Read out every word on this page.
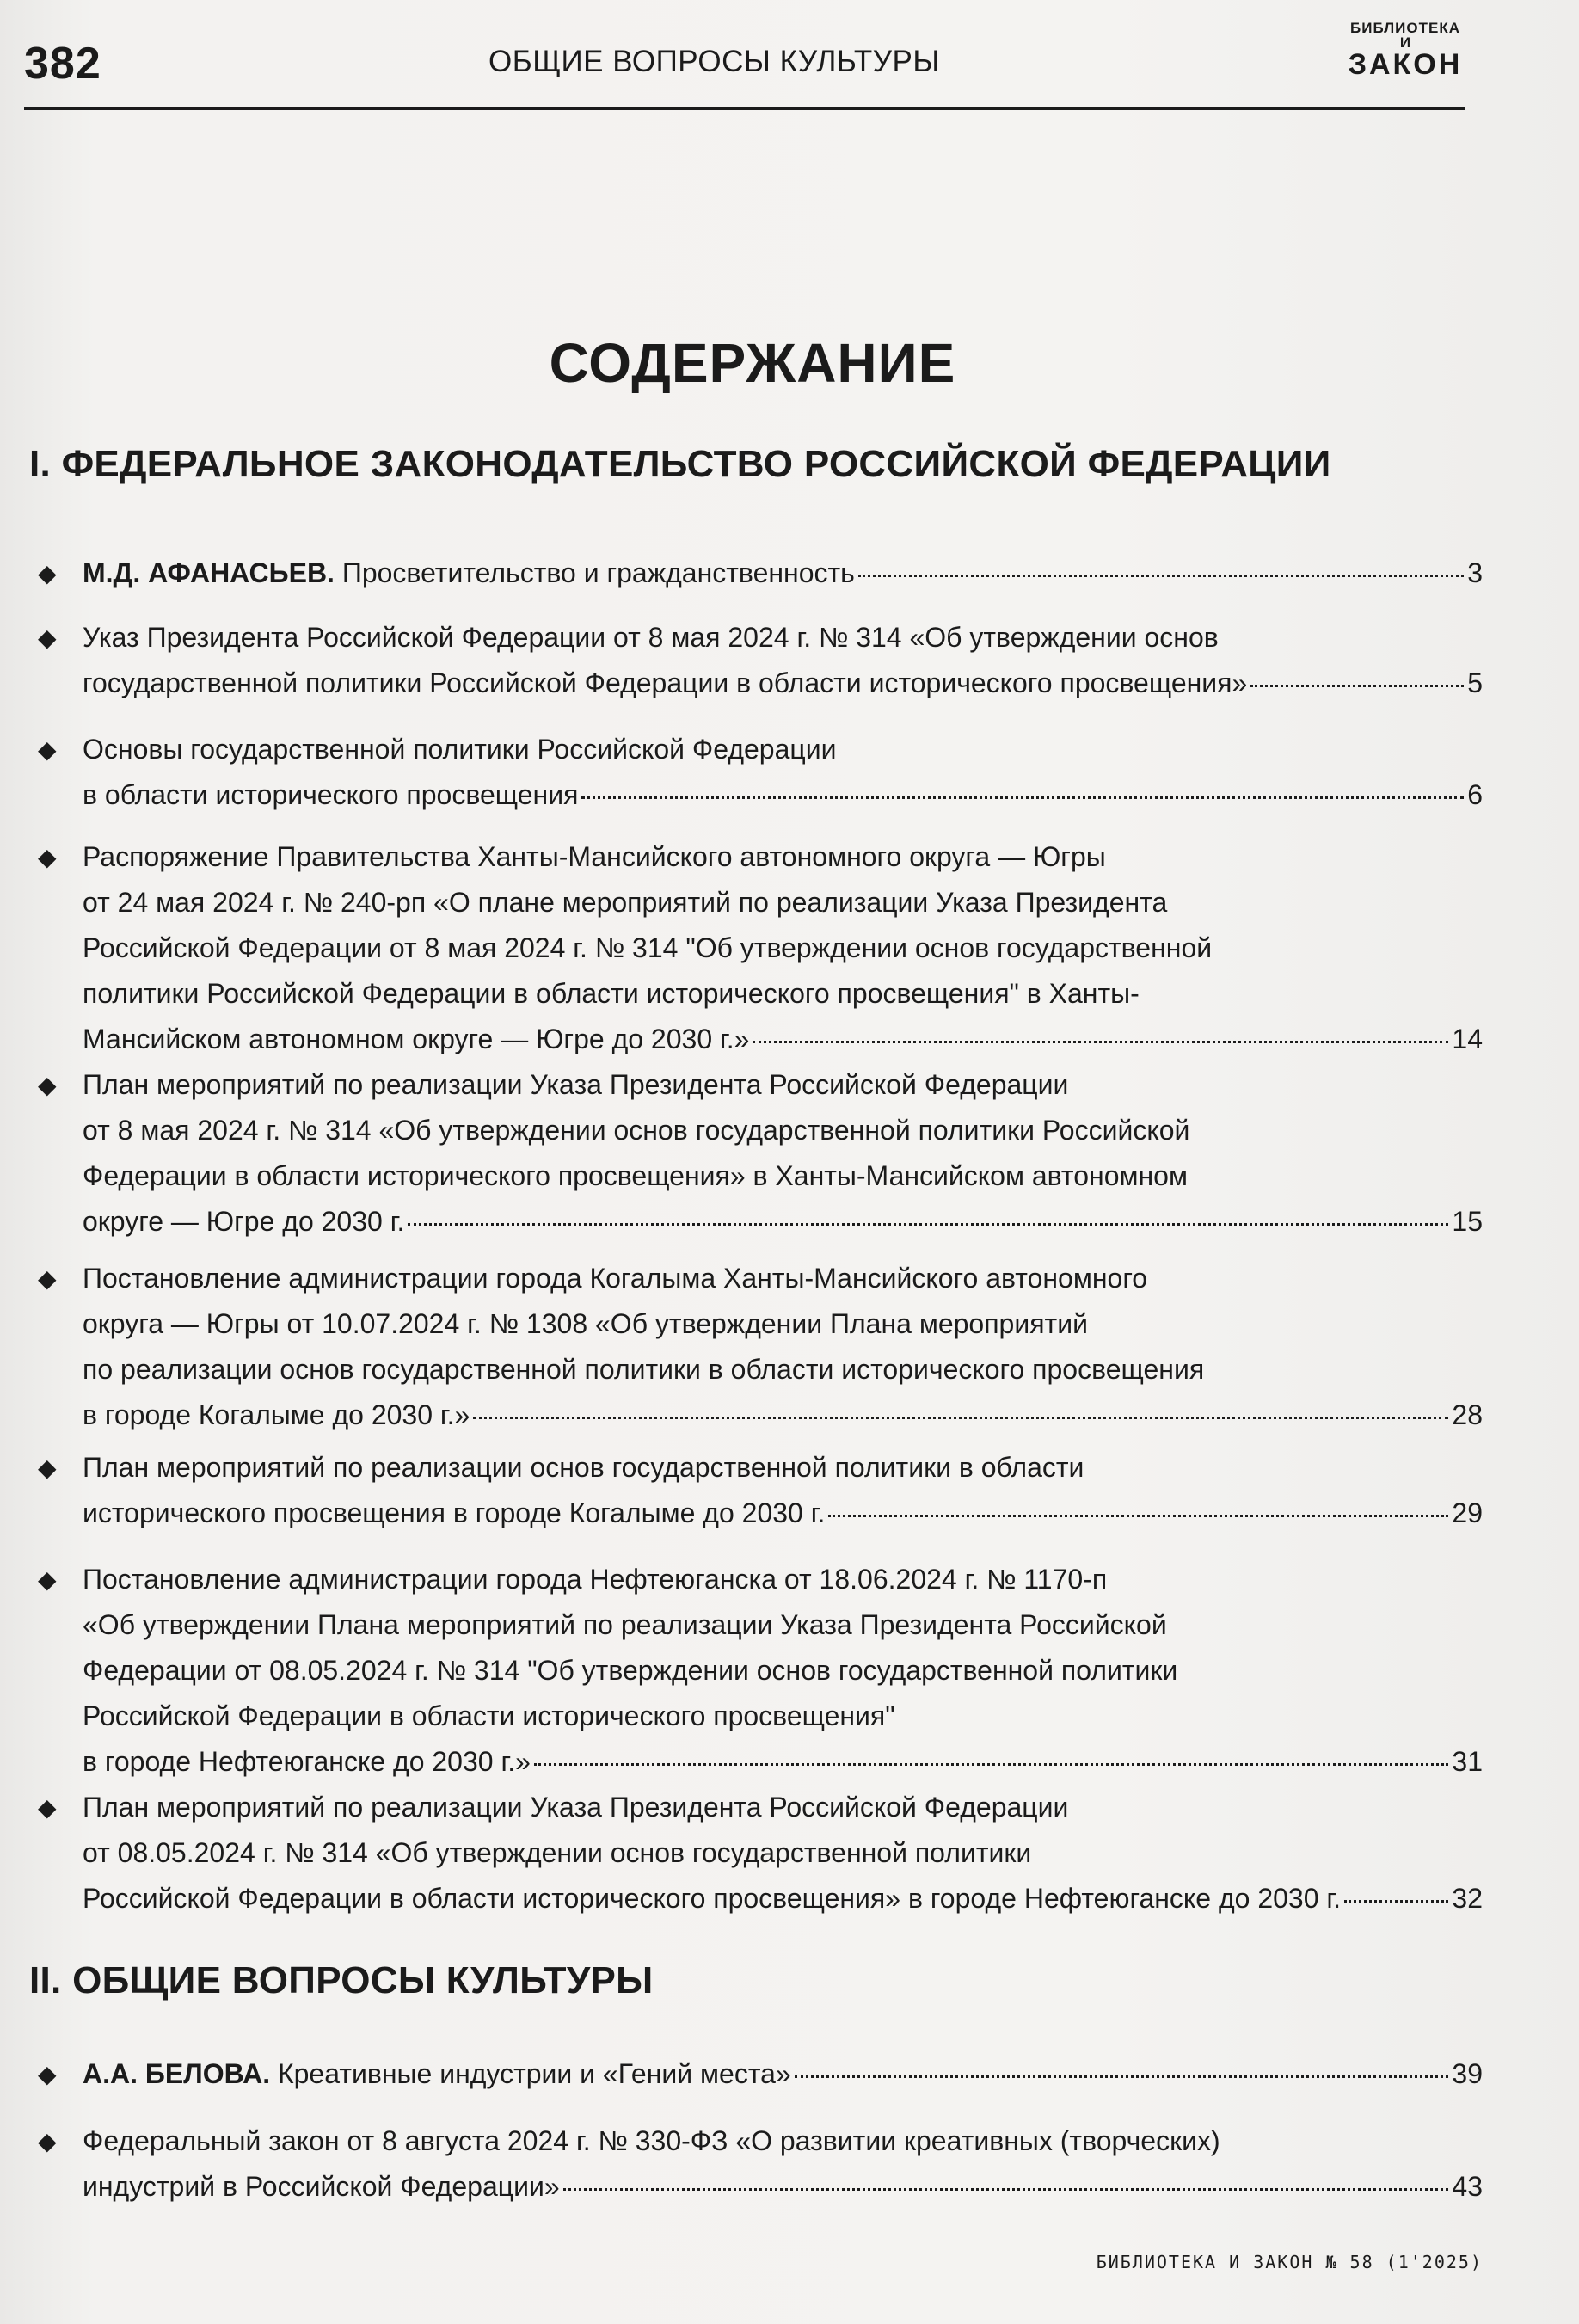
382	ОБЩИЕ ВОПРОСЫ КУЛЬТУРЫ
БИБЛИОТЕКА
И
ЗАКОН
СОДЕРЖАНИЕ
I. ФЕДЕРАЛЬНОЕ ЗАКОНОДАТЕЛЬСТВО РОССИЙСКОЙ ФЕДЕРАЦИИ
◆ М.Д. АФАНАСЬЕВ. Просветительство и гражданственность	3
◆ Указ Президента Российской Федерации от 8 мая 2024 г. № 314 «Об утверждении основ
государственной политики Российской Федерации в области исторического просвещения»	5
◆ Основы государственной политики Российской Федерации
в области исторического просвещения	6
◆ Распоряжение Правительства Ханты-Мансийского автономного округа — Югры
от 24 мая 2024 г. № 240-рп «О плане мероприятий по реализации Указа Президента
Российской Федерации от 8 мая 2024 г. № 314 "Об утверждении основ государственной
политики Российской Федерации в области исторического просвещения" в Ханты-
Мансийском автономном округе — Югре до 2030 г.»	14
◆ План мероприятий по реализации Указа Президента Российской Федерации
от 8 мая 2024 г. № 314 «Об утверждении основ государственной политики Российской
Федерации в области исторического просвещения» в Ханты-Мансийском автономном
округе — Югре до 2030 г.	15
◆ Постановление администрации города Когалыма Ханты-Мансийского автономного
округа — Югры от 10.07.2024 г. № 1308 «Об утверждении Плана мероприятий
по реализации основ государственной политики в области исторического просвещения
в городе Когалыме до 2030 г.»	28
◆ План мероприятий по реализации основ государственной политики в области
исторического просвещения в городе Когалыме до 2030 г.	29
◆ Постановление администрации города Нефтеюганска от 18.06.2024 г. № 1170-п
«Об утверждении Плана мероприятий по реализации Указа Президента Российской
Федерации от 08.05.2024 г. № 314 "Об утверждении основ государственной политики
Российской Федерации в области исторического просвещения"
в городе Нефтеюганске до 2030 г.»	31
◆ План мероприятий по реализации Указа Президента Российской Федерации
от 08.05.2024 г. № 314 «Об утверждении основ государственной политики
Российской Федерации в области исторического просвещения» в городе Нефтеюганске до 2030 г.	32
II. ОБЩИЕ ВОПРОСЫ КУЛЬТУРЫ
◆ А.А. БЕЛОВА. Креативные индустрии и «Гений места»	39
◆ Федеральный закон от 8 августа 2024 г. № 330-ФЗ «О развитии креативных (творческих)
индустрий в Российской Федерации»	43
БИБЛИОТЕКА И ЗАКОН № 58 (1'2025)
